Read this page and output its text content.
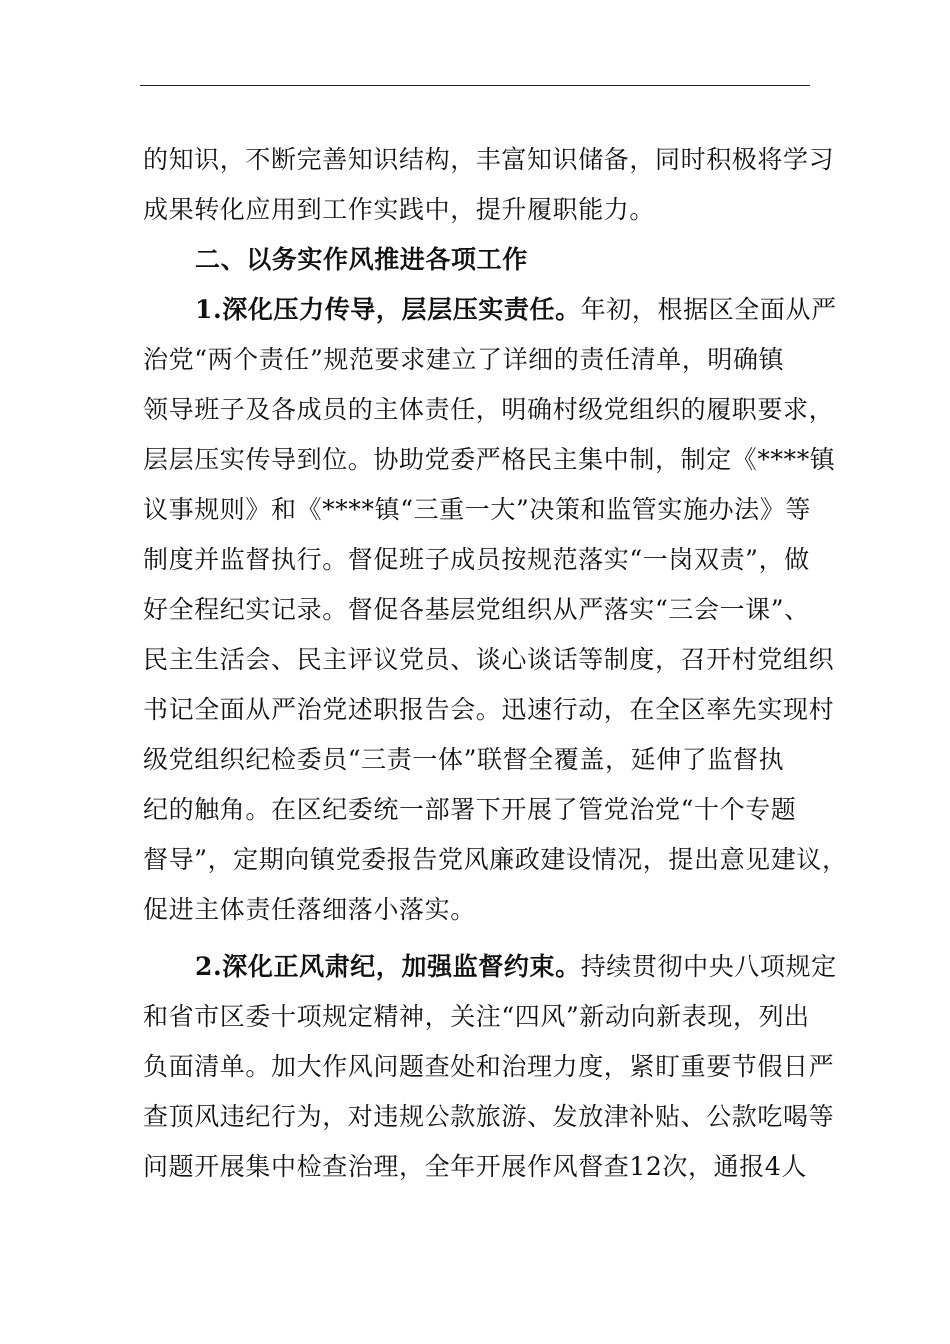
的知识，不断完善知识结构，丰富知识储备，同时积极将学习
成果转化应用到工作实践中，提升履职能力。
二、以务实作风推进各项工作
1.深化压力传导，层层压实责任。年初，根据区全面从严
治党“两个责任”规范要求建立了详细的责任清单，明确镇
领导班子及各成员的主体责任，明确村级党组织的履职要求，
层层压实传导到位。协助党委严格民主集中制，制定《****镇
议事规则》和《****镇“三重一大”决策和监管实施办法》等
制度并监督执行。督促班子成员按规范落实“一岗双责”，做
好全程纪实记录。督促各基层党组织从严落实“三会一课”、
民主生活会、民主评议党员、谈心谈话等制度，召开村党组织
书记全面从严治党述职报告会。迅速行动，在全区率先实现村
级党组织纪检委员“三责一体”联督全覆盖，延伸了监督执
纪的触角。在区纪委统一部署下开展了管党治党“十个专题
督导”，定期向镇党委报告党风廉政建设情况，提出意见建议，
促进主体责任落细落小落实。
2.深化正风肃纪，加强监督约束。持续贯彻中央八项规定
和省市区委十项规定精神，关注“四风”新动向新表现，列出
负面清单。加大作风问题查处和治理力度，紧盯重要节假日严
查顶风违纪行为，对违规公款旅游、发放津补贴、公款吃喝等
问题开展集中检查治理，全年开展作风督查12次，通报4人
